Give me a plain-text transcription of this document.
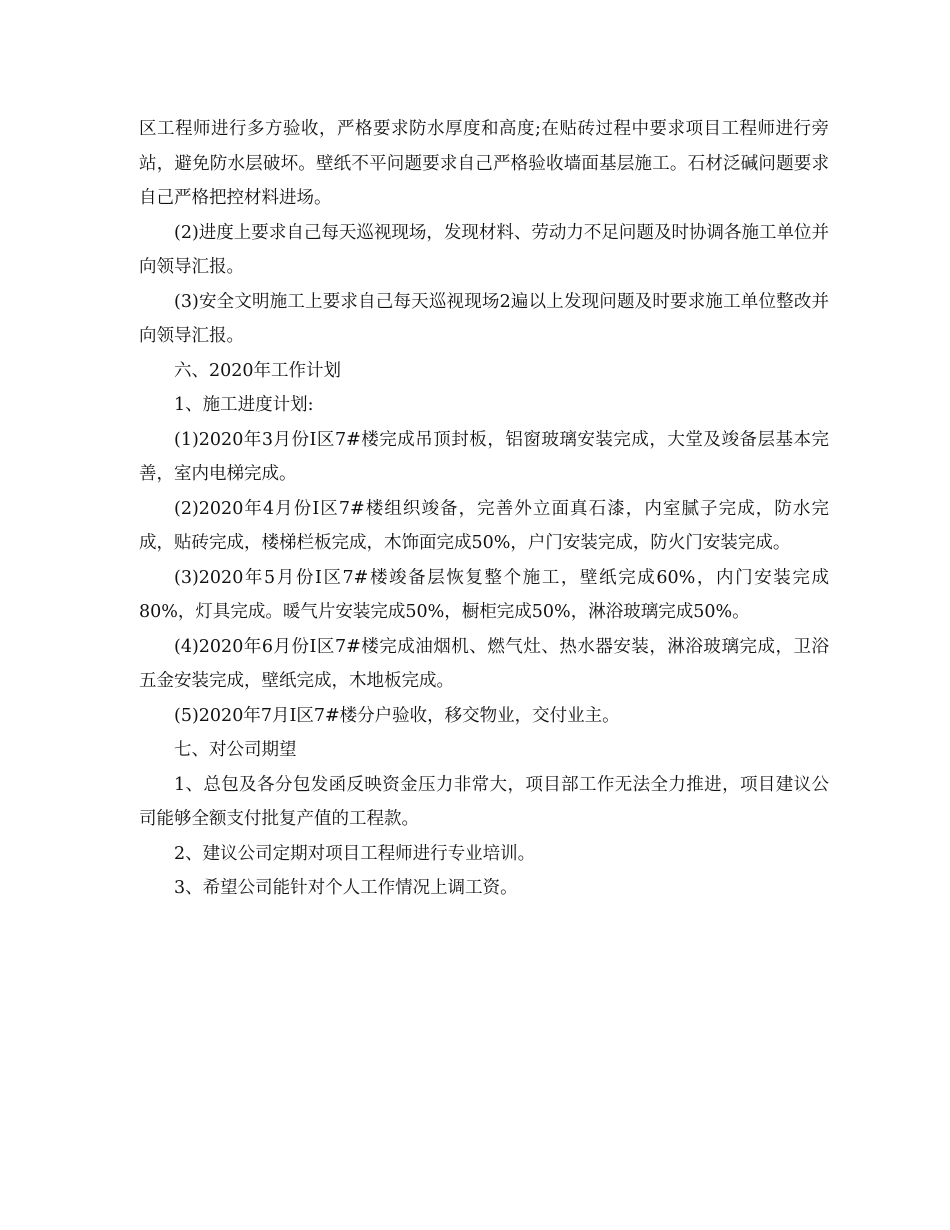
区工程师进行多方验收，严格要求防水厚度和高度;在贴砖过程中要求项目工程师进行旁站，避免防水层破坏。壁纸不平问题要求自己严格验收墙面基层施工。石材泛碱问题要求自己严格把控材料进场。

(2)进度上要求自己每天巡视现场，发现材料、劳动力不足问题及时协调各施工单位并向领导汇报。

(3)安全文明施工上要求自己每天巡视现场2遍以上发现问题及时要求施工单位整改并向领导汇报。

六、2020年工作计划

1、施工进度计划:

(1)2020年3月份Ⅰ区7#楼完成吊顶封板，铝窗玻璃安装完成，大堂及竣备层基本完善，室内电梯完成。

(2)2020年4月份Ⅰ区7#楼组织竣备，完善外立面真石漆，内室腻子完成，防水完成，贴砖完成，楼梯栏板完成，木饰面完成50%，户门安装完成，防火门安装完成。

(3)2020年5月份Ⅰ区7#楼竣备层恢复整个施工，壁纸完成60%，内门安装完成80%，灯具完成。暖气片安装完成50%，橱柜完成50%，淋浴玻璃完成50%。

(4)2020年6月份Ⅰ区7#楼完成油烟机、燃气灶、热水器安装，淋浴玻璃完成，卫浴五金安装完成，壁纸完成，木地板完成。

(5)2020年7月Ⅰ区7#楼分户验收，移交物业，交付业主。

七、对公司期望

1、总包及各分包发函反映资金压力非常大，项目部工作无法全力推进，项目建议公司能够全额支付批复产值的工程款。

2、建议公司定期对项目工程师进行专业培训。

3、希望公司能针对个人工作情况上调工资。
